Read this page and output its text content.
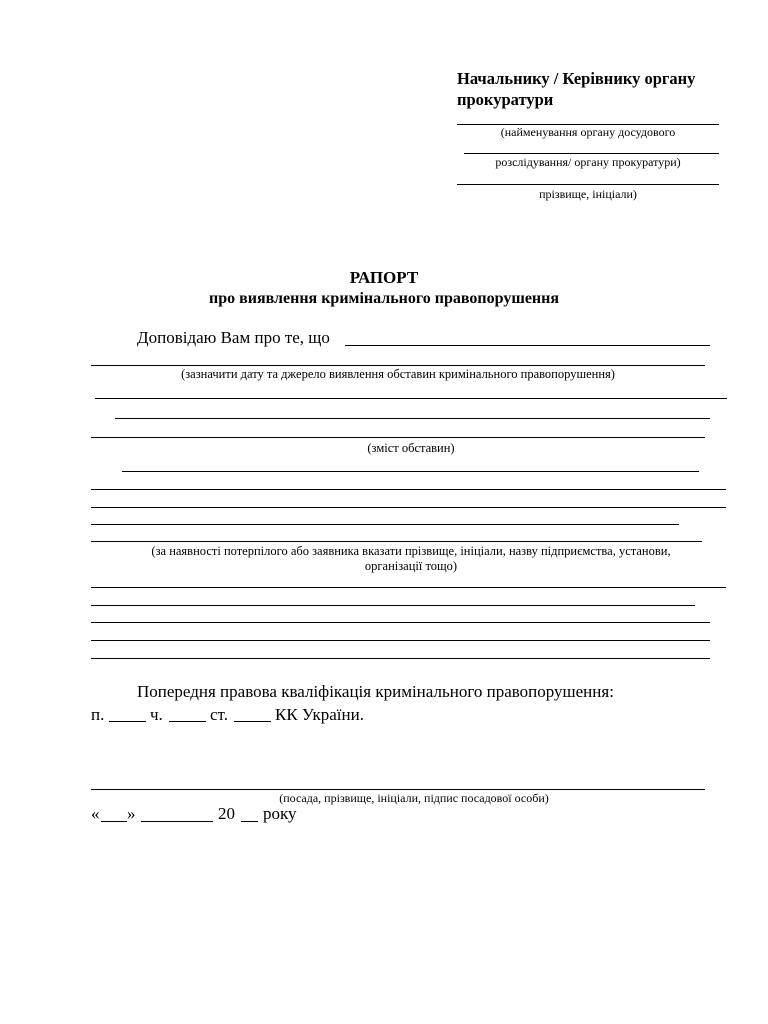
Начальнику / Керівнику органу
прокуратури
(найменування органу досудового
розслідування/ органу прокуратури)
прізвище, ініціали)
РАПОРТ
про виявлення кримінального правопорушення
Доповідаю Вам про те, що
(зазначити дату та джерело виявлення обставин кримінального правопорушення)
(зміст обставин)
(за наявності потерпілого або заявника вказати прізвище, ініціали, назву підприємства, установи,
організації тощо)
Попередня правова кваліфікація кримінального правопорушення:
п.	ч.	ст.	КК України.
(посада, прізвище, ініціали, підпис посадової особи)
« »	20 року
